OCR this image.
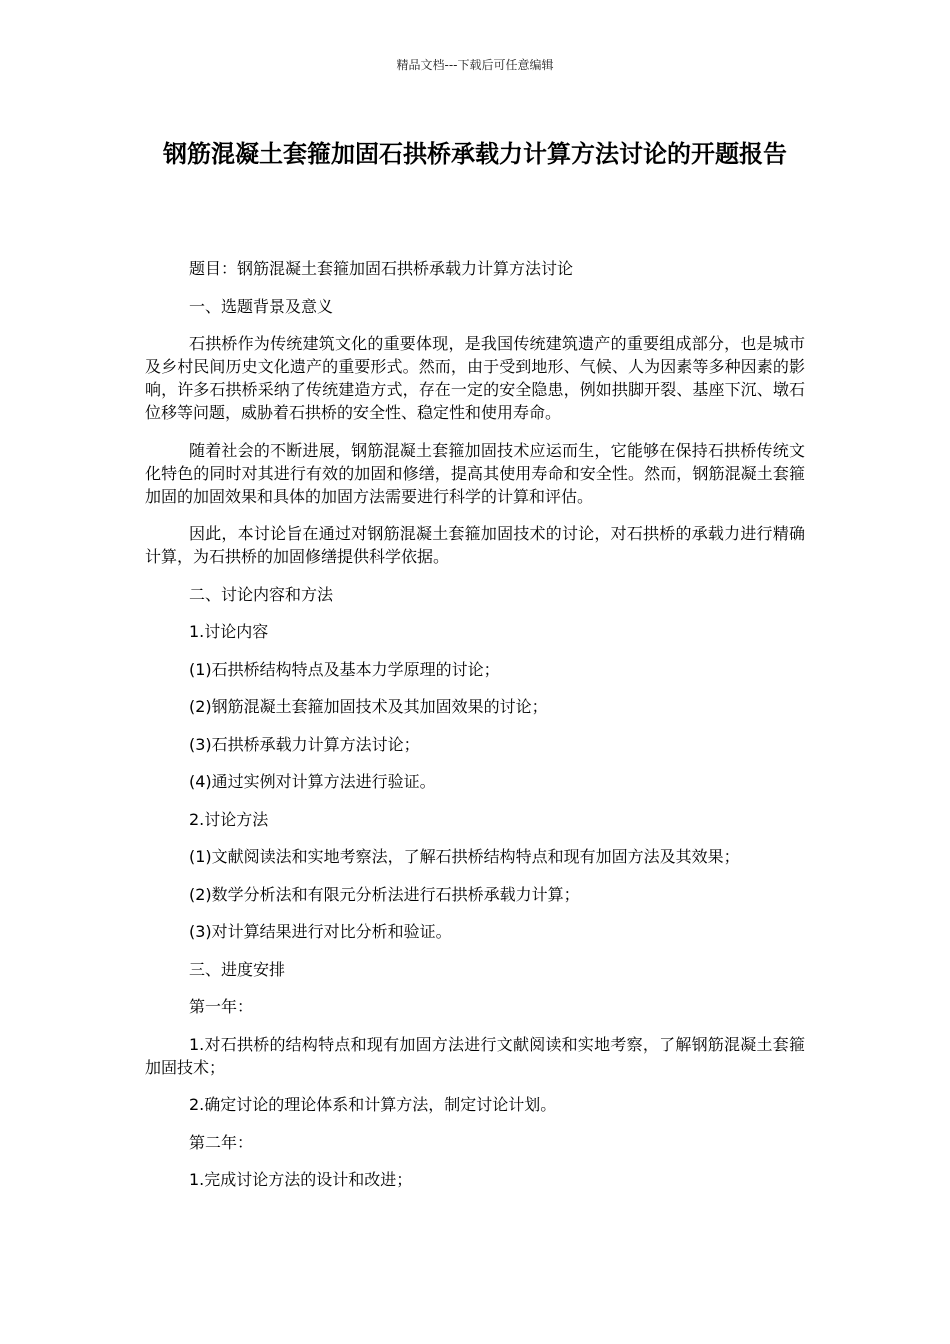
精品文档---下载后可任意编辑
钢筋混凝土套箍加固石拱桥承载力计算方法讨论的开题报告

题目：钢筋混凝土套箍加固石拱桥承载力计算方法讨论

一、选题背景及意义

石拱桥作为传统建筑文化的重要体现，是我国传统建筑遗产的重要组成部分，也是城市及乡村民间历史文化遗产的重要形式。然而，由于受到地形、气候、人为因素等多种因素的影响，许多石拱桥采纳了传统建造方式，存在一定的安全隐患，例如拱脚开裂、基座下沉、墩石位移等问题，威胁着石拱桥的安全性、稳定性和使用寿命。

随着社会的不断进展，钢筋混凝土套箍加固技术应运而生，它能够在保持石拱桥传统文化特色的同时对其进行有效的加固和修缮，提高其使用寿命和安全性。然而，钢筋混凝土套箍加固的加固效果和具体的加固方法需要进行科学的计算和评估。

因此，本讨论旨在通过对钢筋混凝土套箍加固技术的讨论，对石拱桥的承载力进行精确计算，为石拱桥的加固修缮提供科学依据。

二、讨论内容和方法

1.讨论内容

(1)石拱桥结构特点及基本力学原理的讨论；

(2)钢筋混凝土套箍加固技术及其加固效果的讨论；

(3)石拱桥承载力计算方法讨论；

(4)通过实例对计算方法进行验证。

2.讨论方法

(1)文献阅读法和实地考察法，了解石拱桥结构特点和现有加固方法及其效果；

(2)数学分析法和有限元分析法进行石拱桥承载力计算；

(3)对计算结果进行对比分析和验证。

三、进度安排

第一年：

1.对石拱桥的结构特点和现有加固方法进行文献阅读和实地考察，了解钢筋混凝土套箍加固技术；

2.确定讨论的理论体系和计算方法，制定讨论计划。

第二年：

1.完成讨论方法的设计和改进；
